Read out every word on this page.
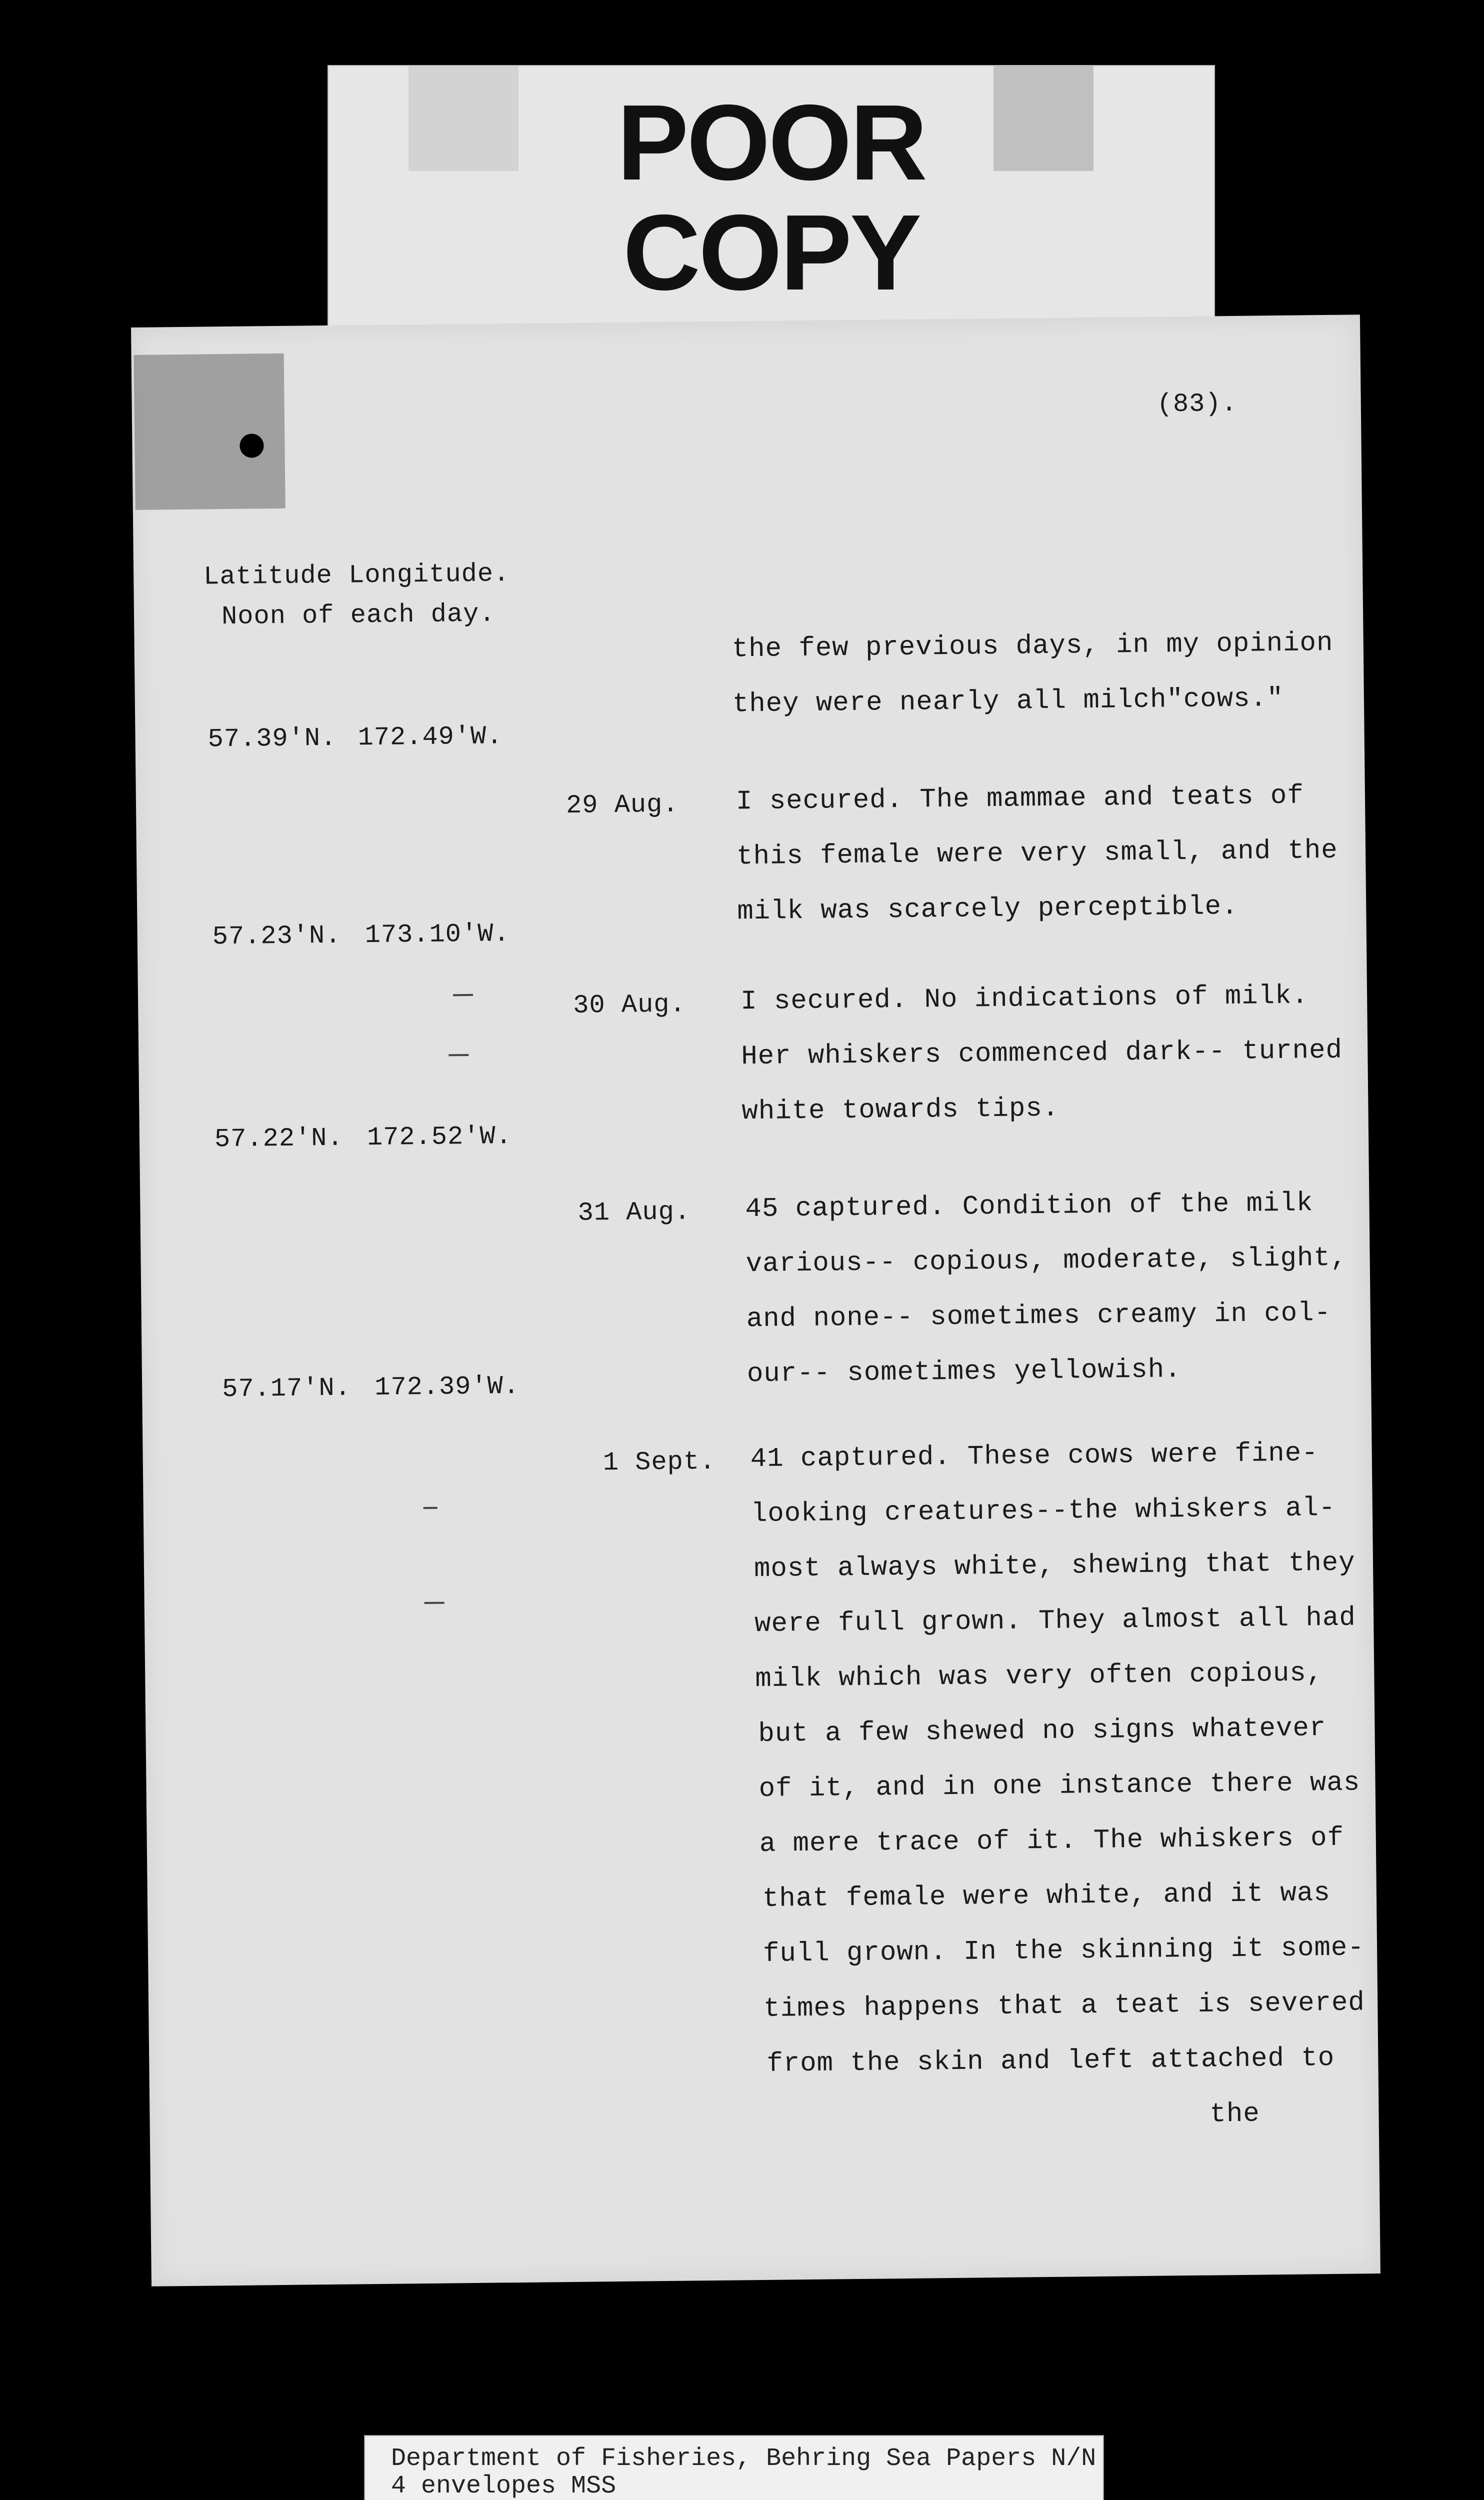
POOR
COPY
(83).
Latitude Longitude.
Noon of each day.
57.39'N. 172.49'W.
57.23'N. 173.10'W.
57.22'N. 172.52'W.
57.17'N. 172.39'W.
29 Aug.
30 Aug.
31 Aug.
1 Sept.
the few previous days, in my opinion
they were nearly all milch"cows."
I secured. The mammae and teats of
this female were very small, and the
milk was scarcely perceptible.
I secured. No indications of milk.
Her whiskers commenced dark-- turned
white towards tips.
45 captured. Condition of the milk
various-- copious, moderate, slight,
and none-- sometimes creamy in col-
our-- sometimes yellowish.
41 captured. These cows were fine-
looking creatures--the whiskers al-
most always white, shewing that they
were full grown. They almost all had
milk which was very often copious,
but a few shewed no signs whatever
of it, and in one instance there was
a mere trace of it. The whiskers of
that female were white, and it was
full grown. In the skinning it some-
times happens that a teat is severed
from the skin and left attached to
the
Department of Fisheries, Behring Sea Papers N/N
4 envelopes MSS
